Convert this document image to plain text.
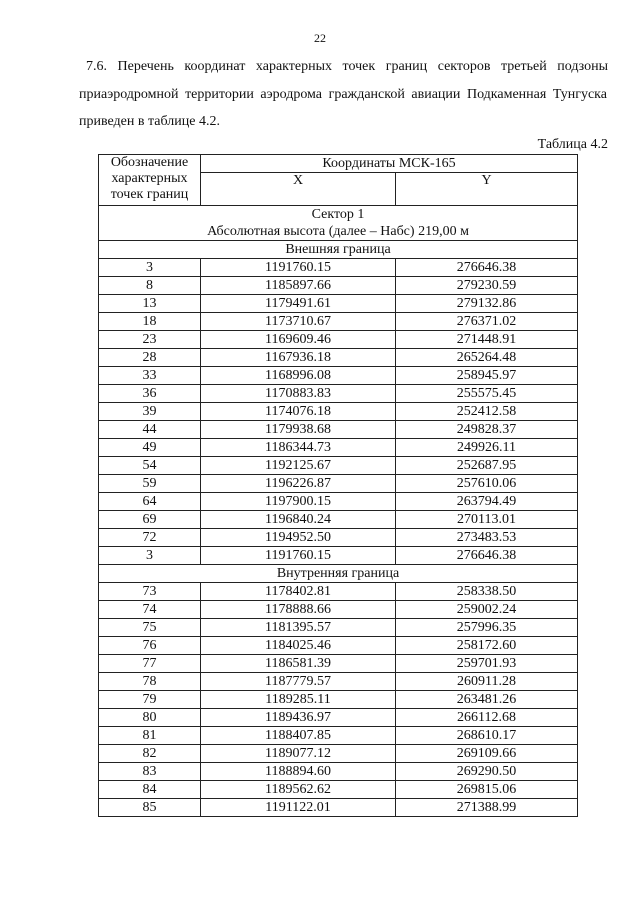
22
7.6. Перечень координат характерных точек границ секторов третьей подзоны
приаэродромной территории аэродрома гражданской авиации Подкаменная Тунгуска
приведен в таблице 4.2.
Таблица 4.2
Обозначение характерных точек границ	Координаты МСК-165	
	X	Y

Сектор 1
Абсолютная высота (далее – Набс) 219,00 м		

Внешняя граница		
3	1191760.15	276646.38
8	1185897.66	279230.59
13	1179491.61	279132.86
18	1173710.67	276371.02
23	1169609.46	271448.91
28	1167936.18	265264.48
33	1168996.08	258945.97
36	1170883.83	255575.45
39	1174076.18	252412.58
44	1179938.68	249828.37
49	1186344.73	249926.11
54	1192125.67	252687.95
59	1196226.87	257610.06
64	1197900.15	263794.49
69	1196840.24	270113.01
72	1194952.50	273483.53
3	1191760.15	276646.38
Внутренняя граница		
73	1178402.81	258338.50
74	1178888.66	259002.24
75	1181395.57	257996.35
76	1184025.46	258172.60
77	1186581.39	259701.93
78	1187779.57	260911.28
79	1189285.11	263481.26
80	1189436.97	266112.68
81	1188407.85	268610.17
82	1189077.12	269109.66
83	1188894.60	269290.50
84	1189562.62	269815.06
85	1191122.01	271388.99
